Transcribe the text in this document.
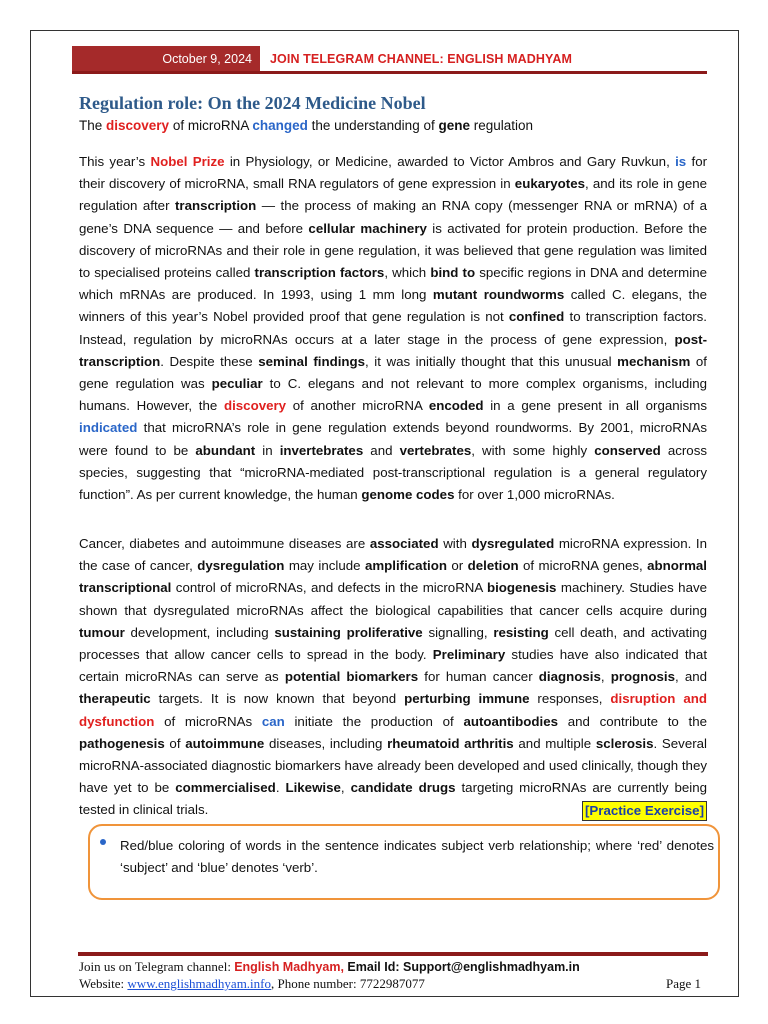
October 9, 2024	JOIN TELEGRAM CHANNEL: ENGLISH MADHYAM
Regulation role: On the 2024 Medicine Nobel
The discovery of microRNA changed the understanding of gene regulation

This year’s Nobel Prize in Physiology, or Medicine, awarded to Victor Ambros and Gary Ruvkun, is for their discovery of microRNA, small RNA regulators of gene expression in eukaryotes, and its role in gene regulation after transcription — the process of making an RNA copy (messenger RNA or mRNA) of a gene’s DNA sequence — and before cellular machinery is activated for protein production. Before the discovery of microRNAs and their role in gene regulation, it was believed that gene regulation was limited to specialised proteins called transcription factors, which bind to specific regions in DNA and determine which mRNAs are produced. In 1993, using 1 mm long mutant roundworms called C. elegans, the winners of this year’s Nobel provided proof that gene regulation is not confined to transcription factors. Instead, regulation by microRNAs occurs at a later stage in the process of gene expression, post-transcription. Despite these seminal findings, it was initially thought that this unusual mechanism of gene regulation was peculiar to C. elegans and not relevant to more complex organisms, including humans. However, the discovery of another microRNA encoded in a gene present in all organisms indicated that microRNA’s role in gene regulation extends beyond roundworms. By 2001, microRNAs were found to be abundant in invertebrates and vertebrates, with some highly conserved across species, suggesting that “microRNA-mediated post-transcriptional regulation is a general regulatory function”. As per current knowledge, the human genome codes for over 1,000 microRNAs.

Cancer, diabetes and autoimmune diseases are associated with dysregulated microRNA expression. In the case of cancer, dysregulation may include amplification or deletion of microRNA genes, abnormal transcriptional control of microRNAs, and defects in the microRNA biogenesis machinery. Studies have shown that dysregulated microRNAs affect the biological capabilities that cancer cells acquire during tumour development, including sustaining proliferative signalling, resisting cell death, and activating processes that allow cancer cells to spread in the body. Preliminary studies have also indicated that certain microRNAs can serve as potential biomarkers for human cancer diagnosis, prognosis, and therapeutic targets. It is now known that beyond perturbing immune responses, disruption and dysfunction of microRNAs can initiate the production of autoantibodies and contribute to the pathogenesis of autoimmune diseases, including rheumatoid arthritis and multiple sclerosis. Several microRNA-associated diagnostic biomarkers have already been developed and used clinically, though they have yet to be commercialised. Likewise, candidate drugs targeting microRNAs are currently being tested in clinical trials.	[Practice Exercise]

Red/blue coloring of words in the sentence indicates subject verb relationship; where ‘red’ denotes ‘subject’ and ‘blue’ denotes ‘verb’.
Join us on Telegram channel: English Madhyam, Email Id: Support@englishmadhyam.in
Website: www.englishmadhyam.info, Phone number: 7722987077	Page 1
